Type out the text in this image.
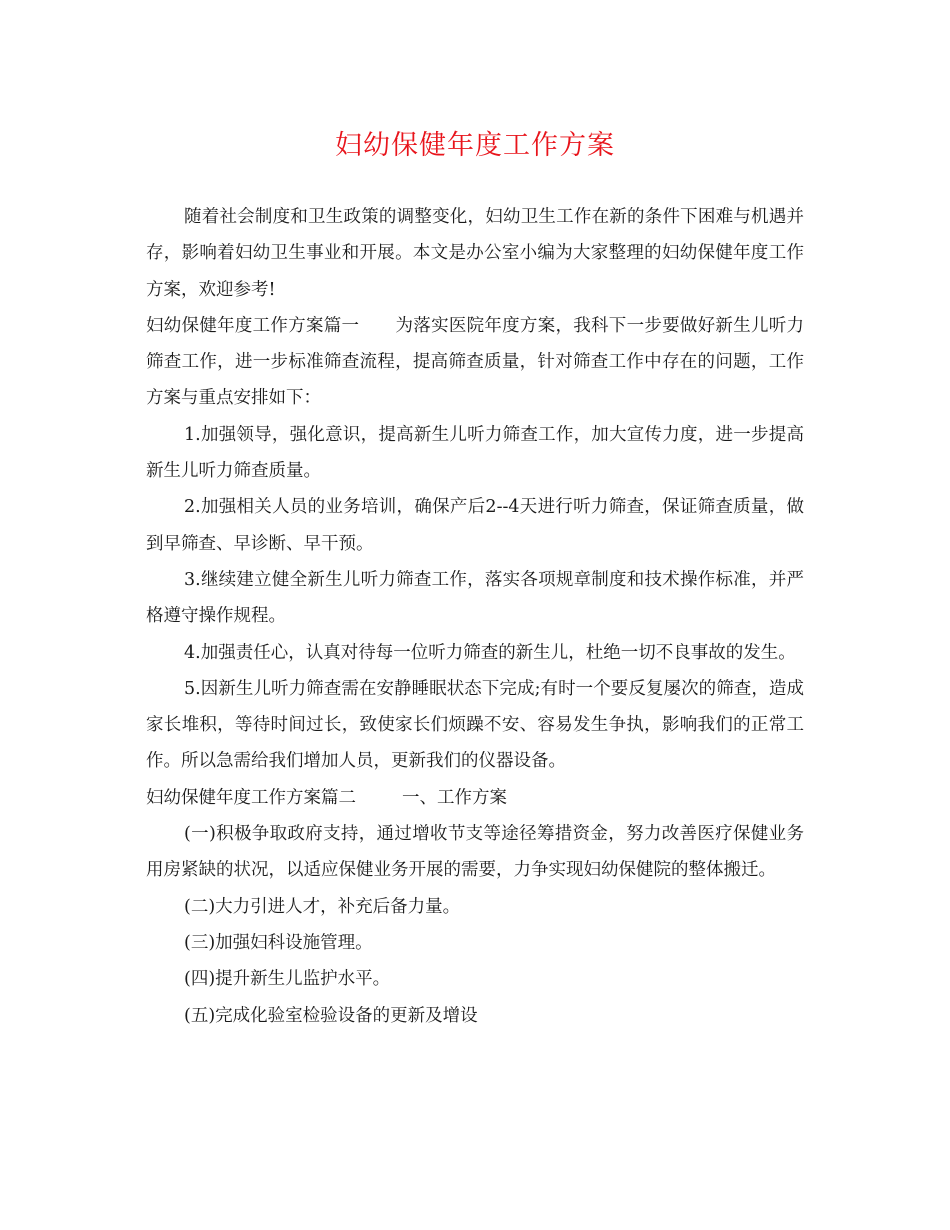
妇幼保健年度工作方案

随着社会制度和卫生政策的调整变化，妇幼卫生工作在新的条件下困难与机遇并存，影响着妇幼卫生事业和开展。本文是办公室小编为大家整理的妇幼保健年度工作方案，欢迎参考!

妇幼保健年度工作方案篇一 为落实医院年度方案，我科下一步要做好新生儿听力筛查工作，进一步标准筛查流程，提高筛查质量，针对筛查工作中存在的问题，工作方案与重点安排如下：

1.加强领导，强化意识，提高新生儿听力筛查工作，加大宣传力度，进一步提高新生儿听力筛查质量。

2.加强相关人员的业务培训，确保产后2--4天进行听力筛查，保证筛查质量，做到早筛查、早诊断、早干预。

3.继续建立健全新生儿听力筛查工作，落实各项规章制度和技术操作标准，并严格遵守操作规程。

4.加强责任心，认真对待每一位听力筛查的新生儿，杜绝一切不良事故的发生。

5.因新生儿听力筛查需在安静睡眠状态下完成;有时一个要反复屡次的筛查，造成家长堆积，等待时间过长，致使家长们烦躁不安、容易发生争执，影响我们的正常工作。所以急需给我们增加人员，更新我们的仪器设备。

妇幼保健年度工作方案篇二	一、工作方案

(一)积极争取政府支持，通过增收节支等途径筹措资金，努力改善医疗保健业务用房紧缺的状况，以适应保健业务开展的需要，力争实现妇幼保健院的整体搬迁。

(二)大力引进人才，补充后备力量。

(三)加强妇科设施管理。

(四)提升新生儿监护水平。

(五)完成化验室检验设备的更新及增设
